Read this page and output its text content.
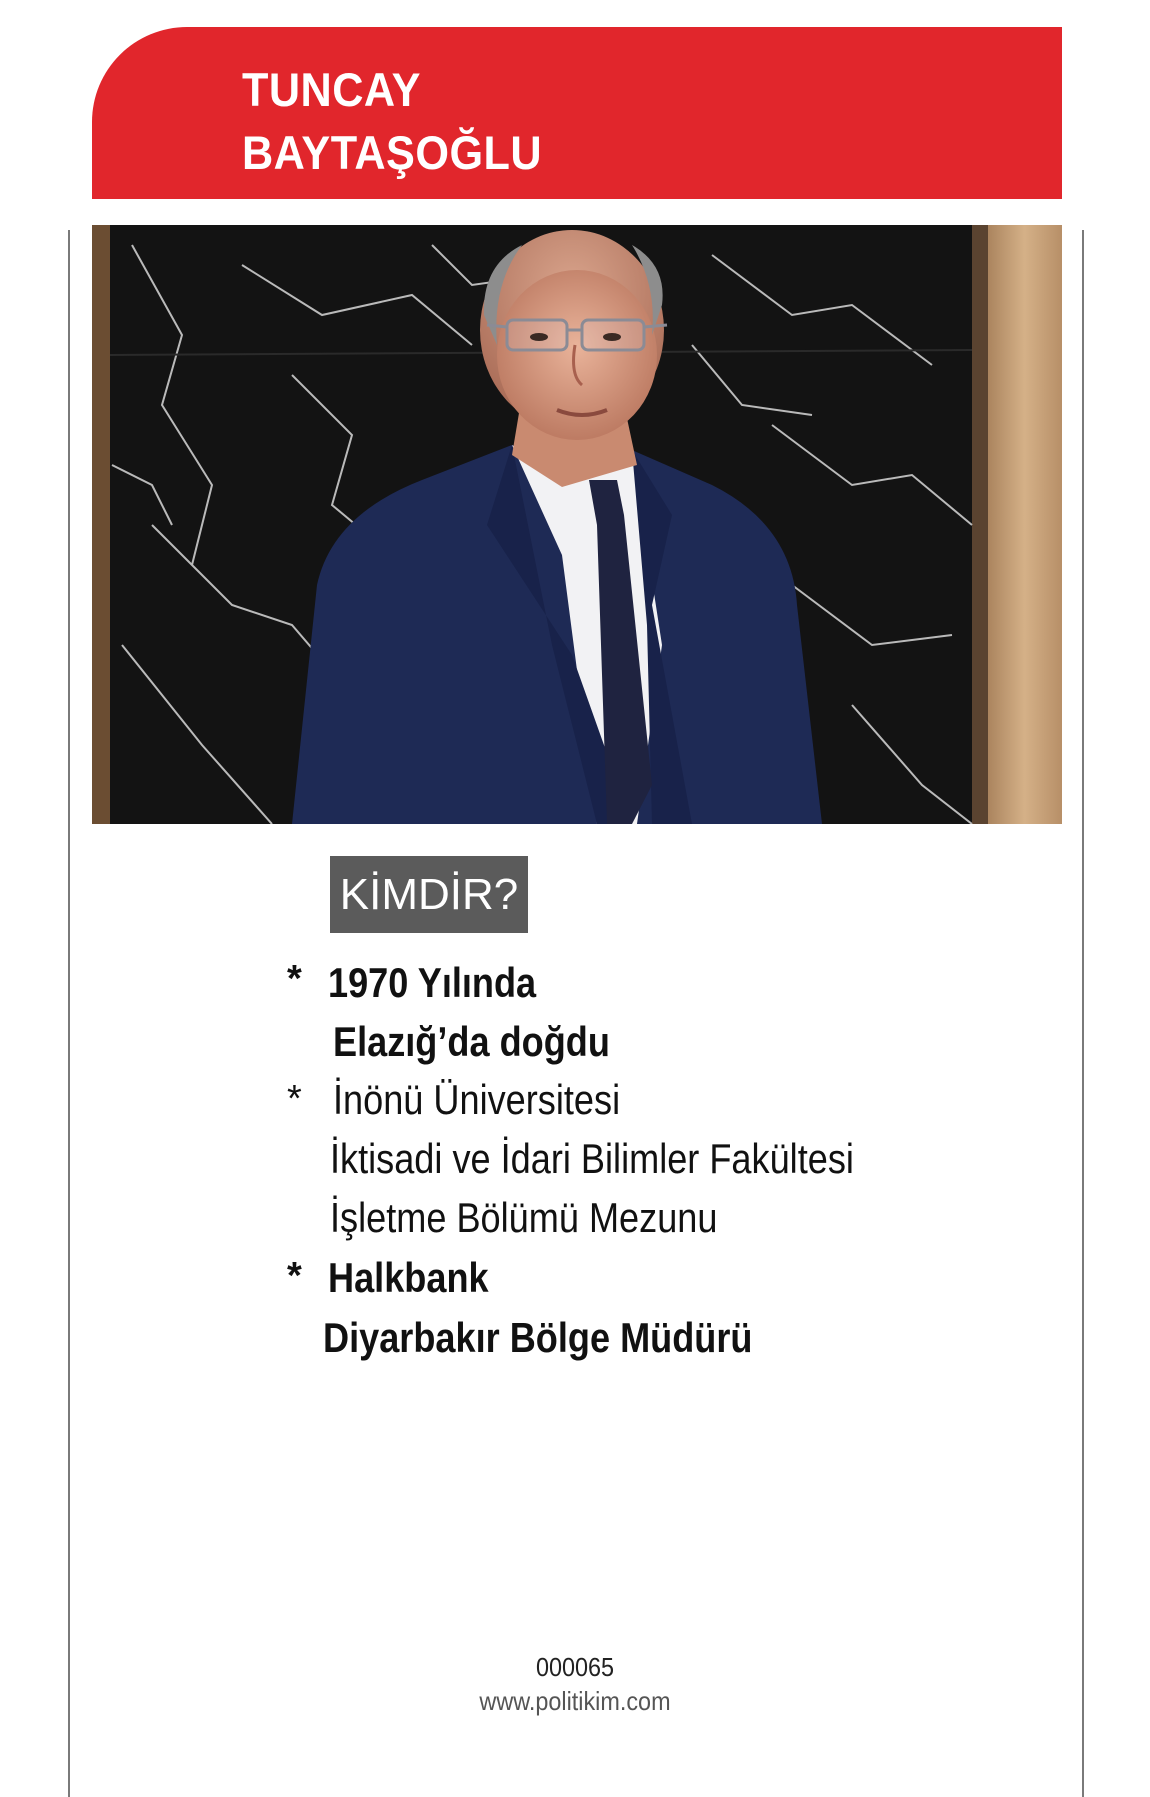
TUNCAY
BAYTAŞOĞLU
KİMDİR?
* 1970 Yılında
Elazığ’da doğdu
* İnönü Üniversitesi
İktisadi ve İdari Bilimler Fakültesi
İşletme Bölümü Mezunu
* Halkbank
Diyarbakır Bölge Müdürü
000065
www.politikim.com
